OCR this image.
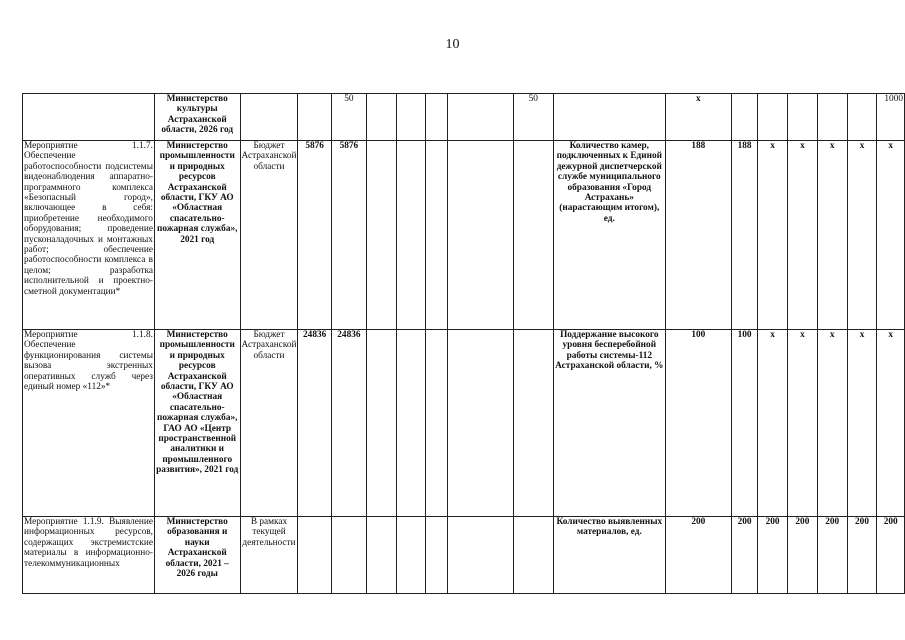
10
	Министерство культуры Астраханской области, 2026 год			50					50		х						1000
Мероприятие 1.1.7. Обеспечение работоспособности подсистемы видеонаблюдения аппаратно-программного комплекса «Безопасный город», включающее в себя: приобретение необходимого оборудования; проведение пусконаладочных и монтажных работ; обеспечение работоспособности комплекса в целом; разработка исполнительной и проектно-сметной документации*	Министерство промышленности и природных ресурсов Астраханской области, ГКУ АО «Областная спасательно-пожарная служба», 2021 год	Бюджет Астраханской области	5876	5876						Количество камер, подключенных к Единой дежурной диспетчерской службе муниципального образования «Город Астрахань» (нарастающим итогом), ед.	188	188	х	х	х	х	х
Мероприятие 1.1.8. Обеспечение функционирования системы вызова экстренных оперативных служб через единый номер «112»*	Министерство промышленности и природных ресурсов Астраханской области, ГКУ АО «Областная спасательно-пожарная служба», ГАО АО «Центр пространственной аналитики и промышленного развития», 2021 год	Бюджет Астраханской области	24836	24836						Поддержание высокого уровня бесперебойной работы системы-112 Астраханской области, %	100	100	х	х	х	х	х
Мероприятие 1.1.9. Выявление информационных ресурсов, содержащих экстремистские материалы в информационно-телекоммуникационных	Министерство образования и науки Астраханской области, 2021 – 2026 годы	В рамках текущей деятельности								Количество выявленных материалов, ед.	200	200	200	200	200	200	200
